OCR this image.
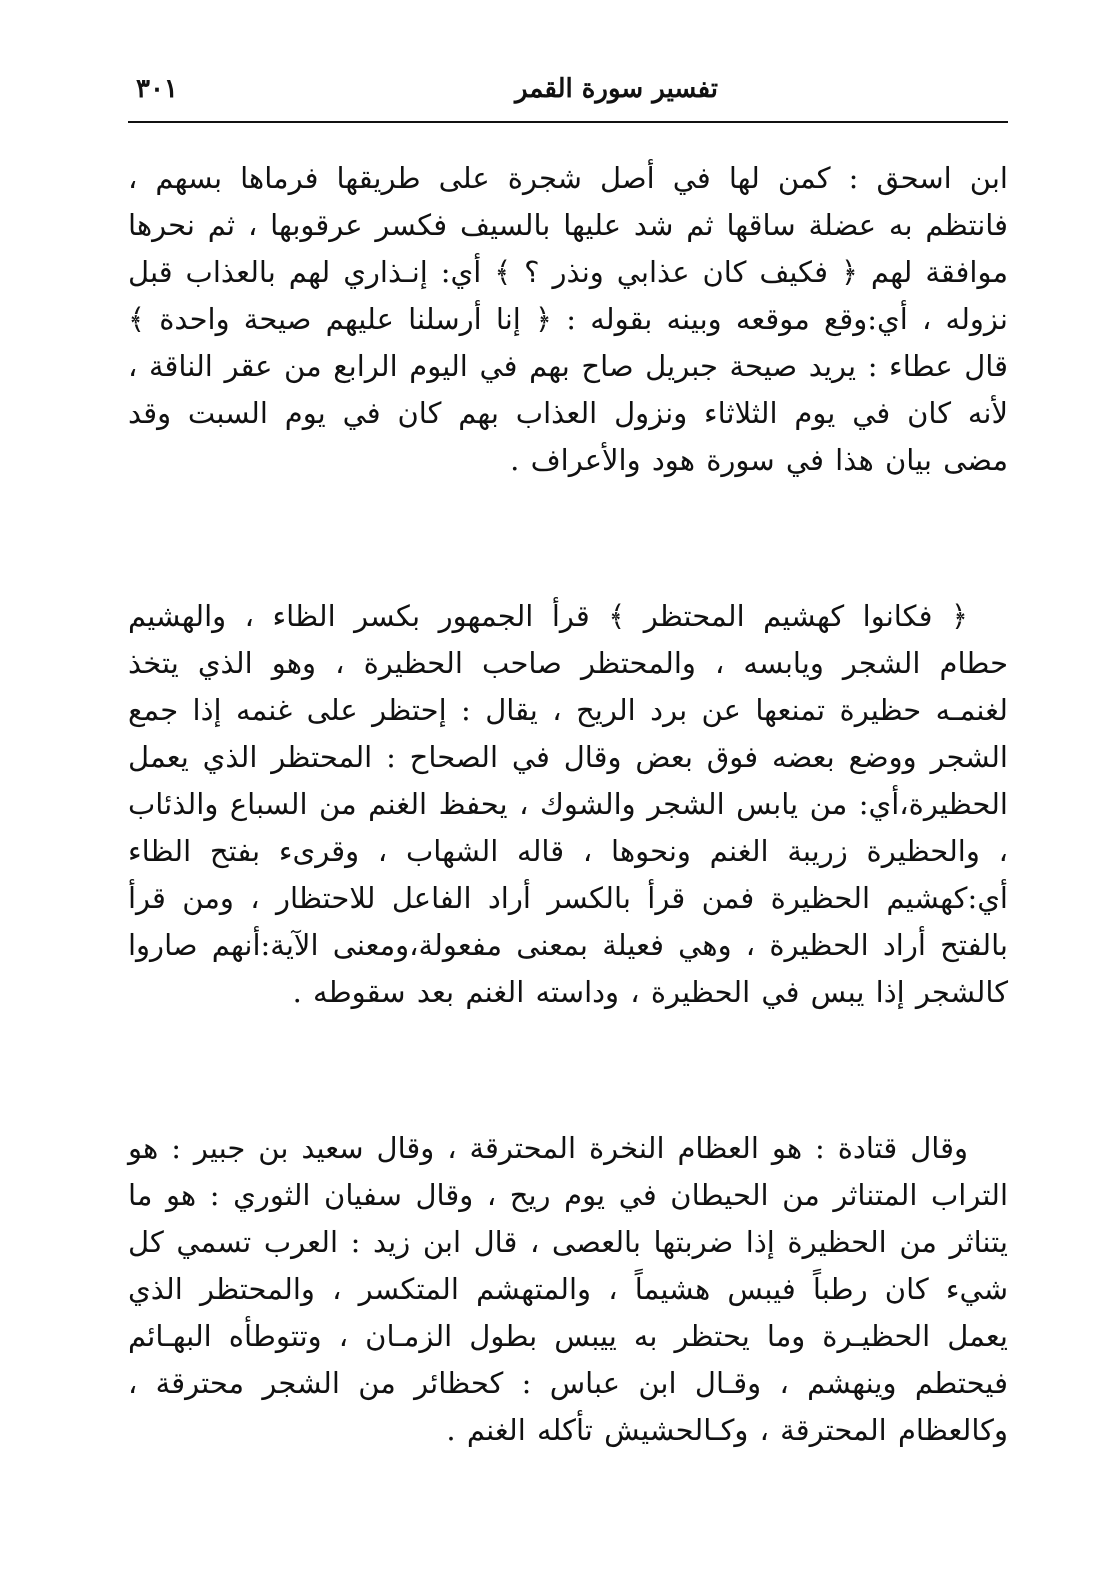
تفسير سورة القمر
٣٠١

ابن اسحق : كمن لها في أصل شجرة على طريقها فرماها بسهم ، فانتظم به عضلة ساقها ثم شد عليها بالسيف فكسر عرقوبها ، ثم نحرها موافقة لهم ﴿ فكيف كان عذابي ونذر ؟ ﴾ أي: إنـذاري لهم بالعذاب قبل نزوله ، أي:وقع موقعه وبينه بقوله : ﴿ إنا أرسلنا عليهم صيحة واحدة ﴾ قال عطاء : يريد صيحة جبريل صاح بهم في اليوم الرابع من عقر الناقة ، لأنه كان في يوم الثلاثاء ونزول العذاب بهم كان في يوم السبت وقد مضى بيان هذا في سورة هود والأعراف .

﴿ فكانوا كهشيم المحتظر ﴾ قرأ الجمهور بكسر الظاء ، والهشيم حطام الشجر ويابسه ، والمحتظر صاحب الحظيرة ، وهو الذي يتخذ لغنمـه حظيرة تمنعها عن برد الريح ، يقال : إحتظر على غنمه إذا جمع الشجر ووضع بعضه فوق بعض وقال في الصحاح : المحتظر الذي يعمل الحظيرة،أي: من يابس الشجر والشوك ، يحفظ الغنم من السباع والذئاب ، والحظيرة زريبة الغنم ونحوها ، قاله الشهاب ، وقرىء بفتح الظاء أي:كهشيم الحظيرة فمن قرأ بالكسر أراد الفاعل للاحتظار ، ومن قرأ بالفتح أراد الحظيرة ، وهي فعيلة بمعنى مفعولة،ومعنى الآية:أنهم صاروا كالشجر إذا يبس في الحظيرة ، وداسته الغنم بعد سقوطه .

وقال قتادة : هو العظام النخرة المحترقة ، وقال سعيد بن جبير : هو التراب المتناثر من الحيطان في يوم ريح ، وقال سفيان الثوري : هو ما يتناثر من الحظيرة إذا ضربتها بالعصى ، قال ابن زيد : العرب تسمي كل شيء كان رطباً فيبس هشيماً ، والمتهشم المتكسر ، والمحتظر الذي يعمل الحظيـرة وما يحتظر به ييبس بطول الزمـان ، وتتوطأه البهـائم فيحتطم وينهشم ، وقـال ابن عباس : كحظائر من الشجر محترقة ، وكالعظام المحترقة ، وكـالحشيش تأكله الغنم .
